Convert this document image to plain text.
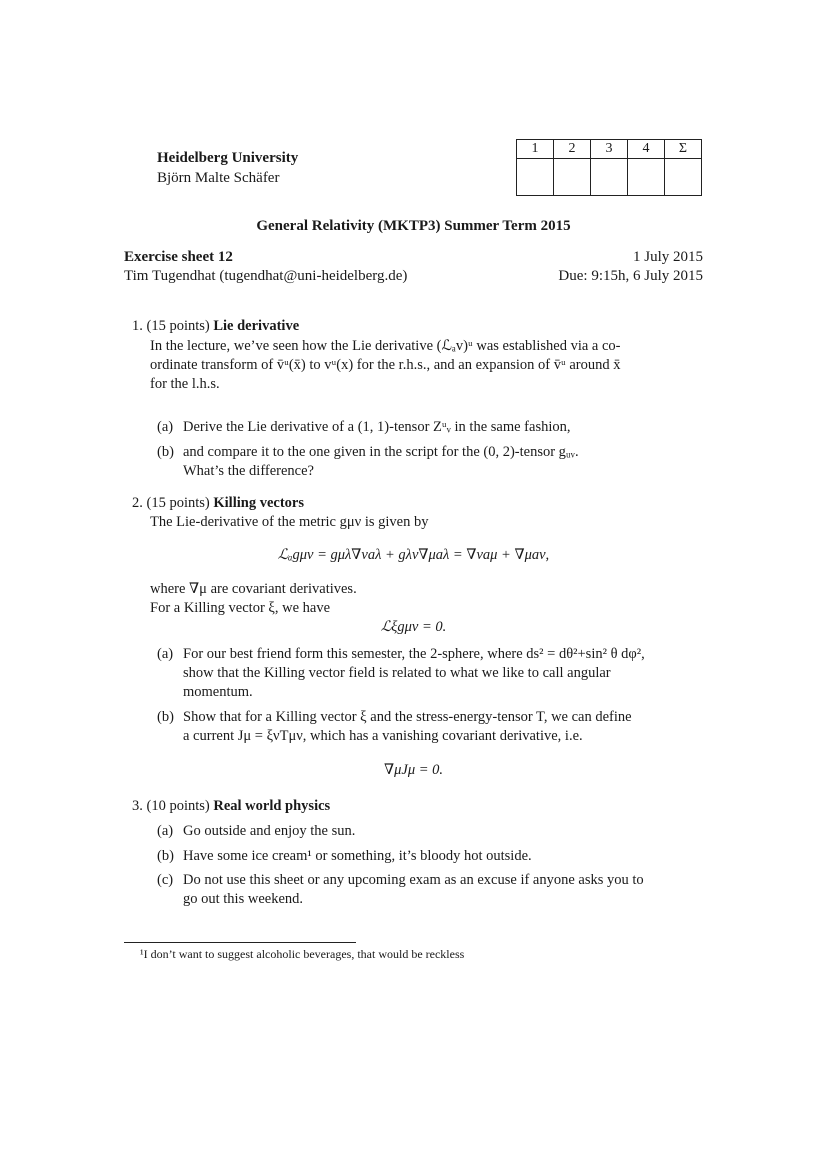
Heidelberg University
Björn Malte Schäfer
1	2	3	4	Σ

General Relativity (MKTP3) Summer Term 2015
Exercise sheet 12	1 July 2015
Tim Tugendhat (tugendhat@uni-heidelberg.de)	Due: 9:15h, 6 July 2015
1. (15 points) Lie derivative
In the lecture, we’ve seen how the Lie derivative (ℒₐv)ᵘ was established via a co-
ordinate transform of v̄ᵘ(x̄) to vᵘ(x) for the r.h.s., and an expansion of v̄ᵘ around x̄
for the l.h.s.
(a) Derive the Lie derivative of a (1, 1)-tensor Zᵘᵥ in the same fashion,
(b) and compare it to the one given in the script for the (0, 2)-tensor gᵤᵥ.
What’s the difference?
2. (15 points) Killing vectors
The Lie-derivative of the metric gμν is given by
ℒₐgμν = gμλ∇νaλ + gλν∇μaλ = ∇νaμ + ∇μaν,
where ∇μ are covariant derivatives.
For a Killing vector ξ, we have
ℒξgμν = 0.
(a) For our best friend form this semester, the 2-sphere, where ds² = dθ²+sin² θ dφ²,
show that the Killing vector field is related to what we like to call angular
momentum.
(b) Show that for a Killing vector ξ and the stress-energy-tensor T, we can define
a current Jμ = ξνTμν, which has a vanishing covariant derivative, i.e.
∇μJμ = 0.
3. (10 points) Real world physics
(a) Go outside and enjoy the sun.
(b) Have some ice cream¹ or something, it’s bloody hot outside.
(c) Do not use this sheet or any upcoming exam as an excuse if anyone asks you to
go out this weekend.
¹I don’t want to suggest alcoholic beverages, that would be reckless
